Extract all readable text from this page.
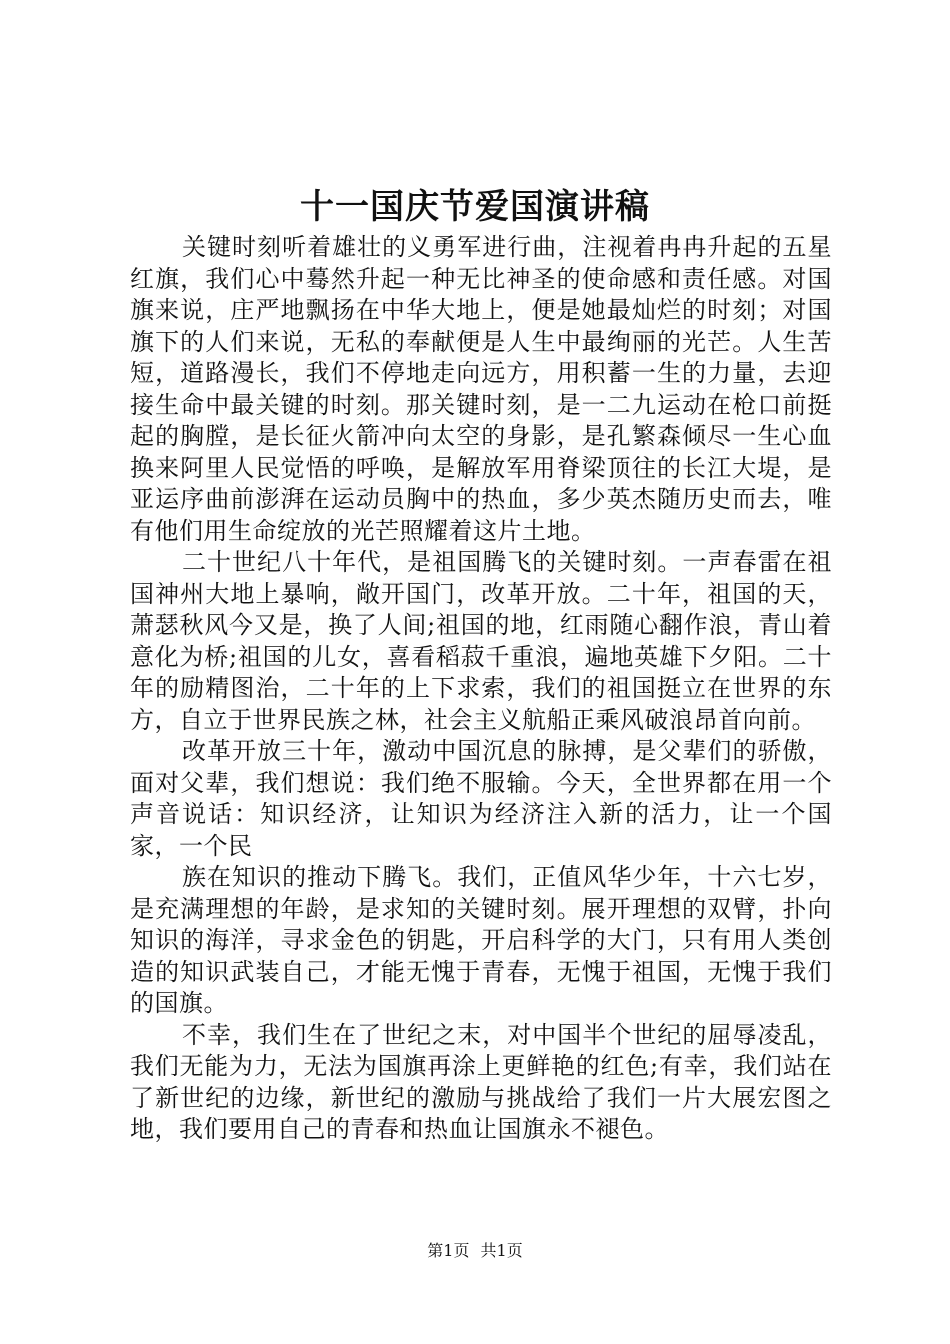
十一国庆节爱国演讲稿

关键时刻听着雄壮的义勇军进行曲，注视着冉冉升起的五星红旗，我们心中蓦然升起一种无比神圣的使命感和责任感。对国旗来说，庄严地飘扬在中华大地上，便是她最灿烂的时刻；对国旗下的人们来说，无私的奉献便是人生中最绚丽的光芒。人生苦短，道路漫长，我们不停地走向远方，用积蓄一生的力量，去迎接生命中最关键的时刻。那关键时刻，是一二九运动在枪口前挺起的胸膛，是长征火箭冲向太空的身影，是孔繁森倾尽一生心血换来阿里人民觉悟的呼唤，是解放军用脊梁顶往的长江大堤，是亚运序曲前澎湃在运动员胸中的热血，多少英杰随历史而去，唯有他们用生命绽放的光芒照耀着这片土地。

二十世纪八十年代，是祖国腾飞的关键时刻。一声春雷在祖国神州大地上暴响，敞开国门，改革开放。二十年，祖国的天，萧瑟秋风今又是，换了人间;祖国的地，红雨随心翻作浪，青山着意化为桥;祖国的儿女，喜看稻菽千重浪，遍地英雄下夕阳。二十年的励精图治，二十年的上下求索，我们的祖国挺立在世界的东方，自立于世界民族之林，社会主义航船正乘风破浪昂首向前。

改革开放三十年，激动中国沉息的脉搏，是父辈们的骄傲，面对父辈，我们想说：我们绝不服输。今天，全世界都在用一个声音说话：知识经济，让知识为经济注入新的活力，让一个国家，一个民

族在知识的推动下腾飞。我们，正值风华少年，十六七岁，是充满理想的年龄，是求知的关键时刻。展开理想的双臂，扑向知识的海洋，寻求金色的钥匙，开启科学的大门，只有用人类创造的知识武装自己，才能无愧于青春，无愧于祖国，无愧于我们的国旗。

不幸，我们生在了世纪之末，对中国半个世纪的屈辱凌乱，我们无能为力，无法为国旗再涂上更鲜艳的红色;有幸，我们站在了新世纪的边缘，新世纪的激励与挑战给了我们一片大展宏图之地，我们要用自己的青春和热血让国旗永不褪色。

第1页 共1页
